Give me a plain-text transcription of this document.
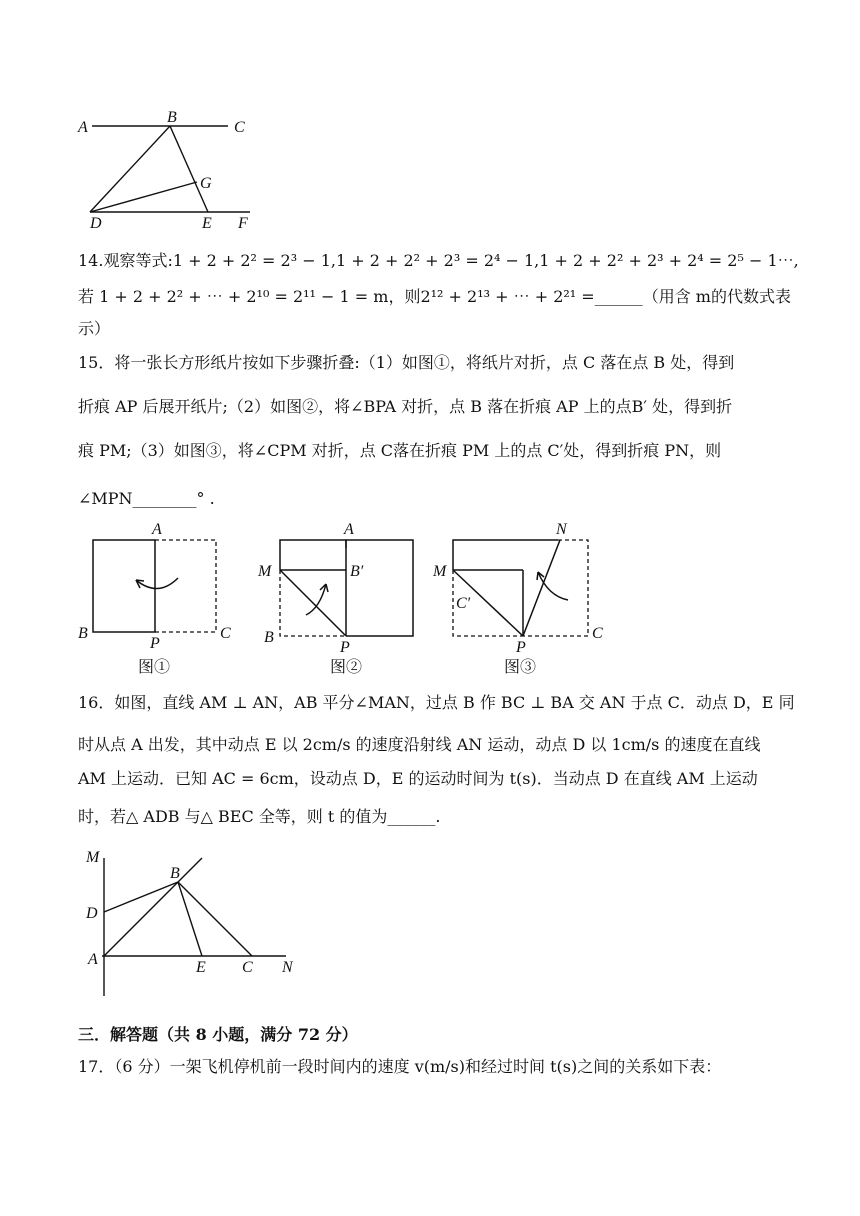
A
B
C
G
D	E F
14.观察等式:1 + 2 + 2² = 2³ − 1,1 + 2 + 2² + 2³ = 2⁴ − 1,1 + 2 + 2² + 2³ + 2⁴ = 2⁵ − 1⋯,
若 1 + 2 + 2² + ⋯ + 2¹⁰ = 2¹¹ − 1 = m，则2¹² + 2¹³ + ⋯ + 2²¹ =______（用含 m的代数式表
示）
15．将一张长方形纸片按如下步骤折叠:（1）如图①，将纸片对折，点 C 落在点 B 处，得到
折痕 AP 后展开纸片;（2）如图②，将∠BPA 对折，点 B 落在折痕 AP 上的点B′ 处，得到折
痕 PM;（3）如图③，将∠CPM 对折，点 C落在折痕 PM 上的点 C′处，得到折痕 PN，则
∠MPN________° .
A
B
P
C
图①
A
M	B′
B
P
图②
N
M
C′
C
P
图③
16．如图，直线 AM ⊥ AN，AB 平分∠MAN，过点 B 作 BC ⊥ BA 交 AN 于点 C．动点 D，E 同
时从点 A 出发，其中动点 E 以 2cm/s 的速度沿射线 AN 运动，动点 D 以 1cm/s 的速度在直线
AM 上运动．已知 AC = 6cm，设动点 D，E 的运动时间为 t(s)．当动点 D 在直线 AM 上运动
时，若△ ADB 与△ BEC 全等，则 t 的值为______.
M
B
D
A	E C N
三．解答题（共 8 小题，满分 72 分）
17．（6 分）一架飞机停机前一段时间内的速度 v(m/s)和经过时间 t(s)之间的关系如下表：
